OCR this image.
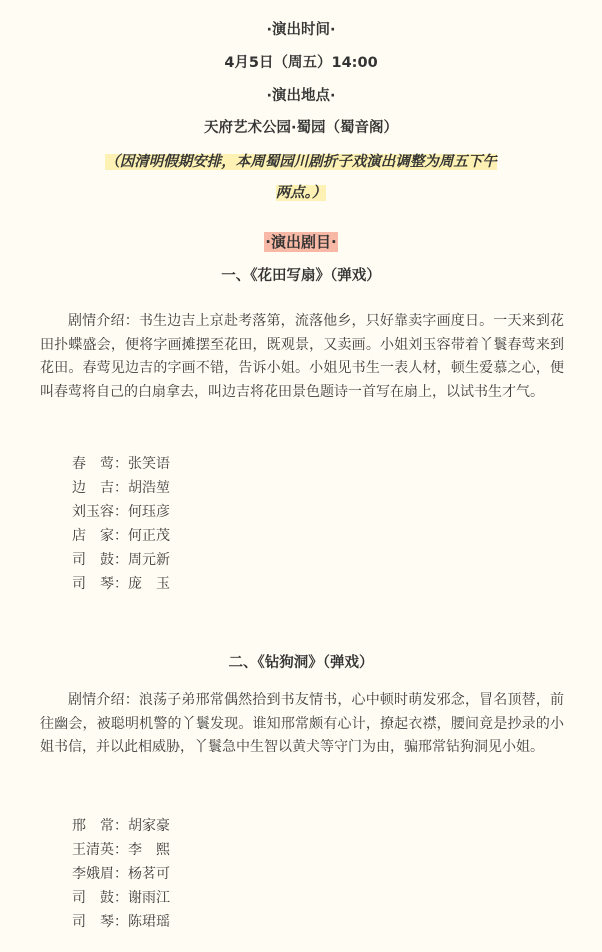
·演出时间·
4月5日（周五）14:00
·演出地点·
天府艺术公园·蜀园（蜀音阁）
（因清明假期安排，本周蜀园川剧折子戏演出调整为周五下午
两点。）
·演出剧目·
一、《花田写扇》（弹戏）
剧情介绍：书生边吉上京赴考落第，流落他乡，只好靠卖字画度日。一天来到花田扑蝶盛会，便将字画摊摆至花田，既观景，又卖画。小姐刘玉容带着丫鬟春莺来到花田。春莺见边吉的字画不错，告诉小姐。小姐见书生一表人材，顿生爱慕之心，便叫春莺将自己的白扇拿去，叫边吉将花田景色题诗一首写在扇上，以试书生才气。
春　莺：张笑语
边　吉：胡浩堃
刘玉容：何珏彦
店　家：何正茂
司　鼓：周元新
司　琴：庞　玉
二、《钻狗洞》（弹戏）
剧情介绍：浪荡子弟邢常偶然拾到书友情书，心中顿时萌发邪念，冒名顶替，前往幽会，被聪明机警的丫鬟发现。谁知邢常颇有心计，撩起衣襟，腰间竟是抄录的小姐书信，并以此相威胁，丫鬟急中生智以黄犬等守门为由，骗邢常钻狗洞见小姐。
邢　常：胡家豪
王清英：李　熙
李娥眉：杨茗可
司　鼓：谢雨江
司　琴：陈珺瑶
